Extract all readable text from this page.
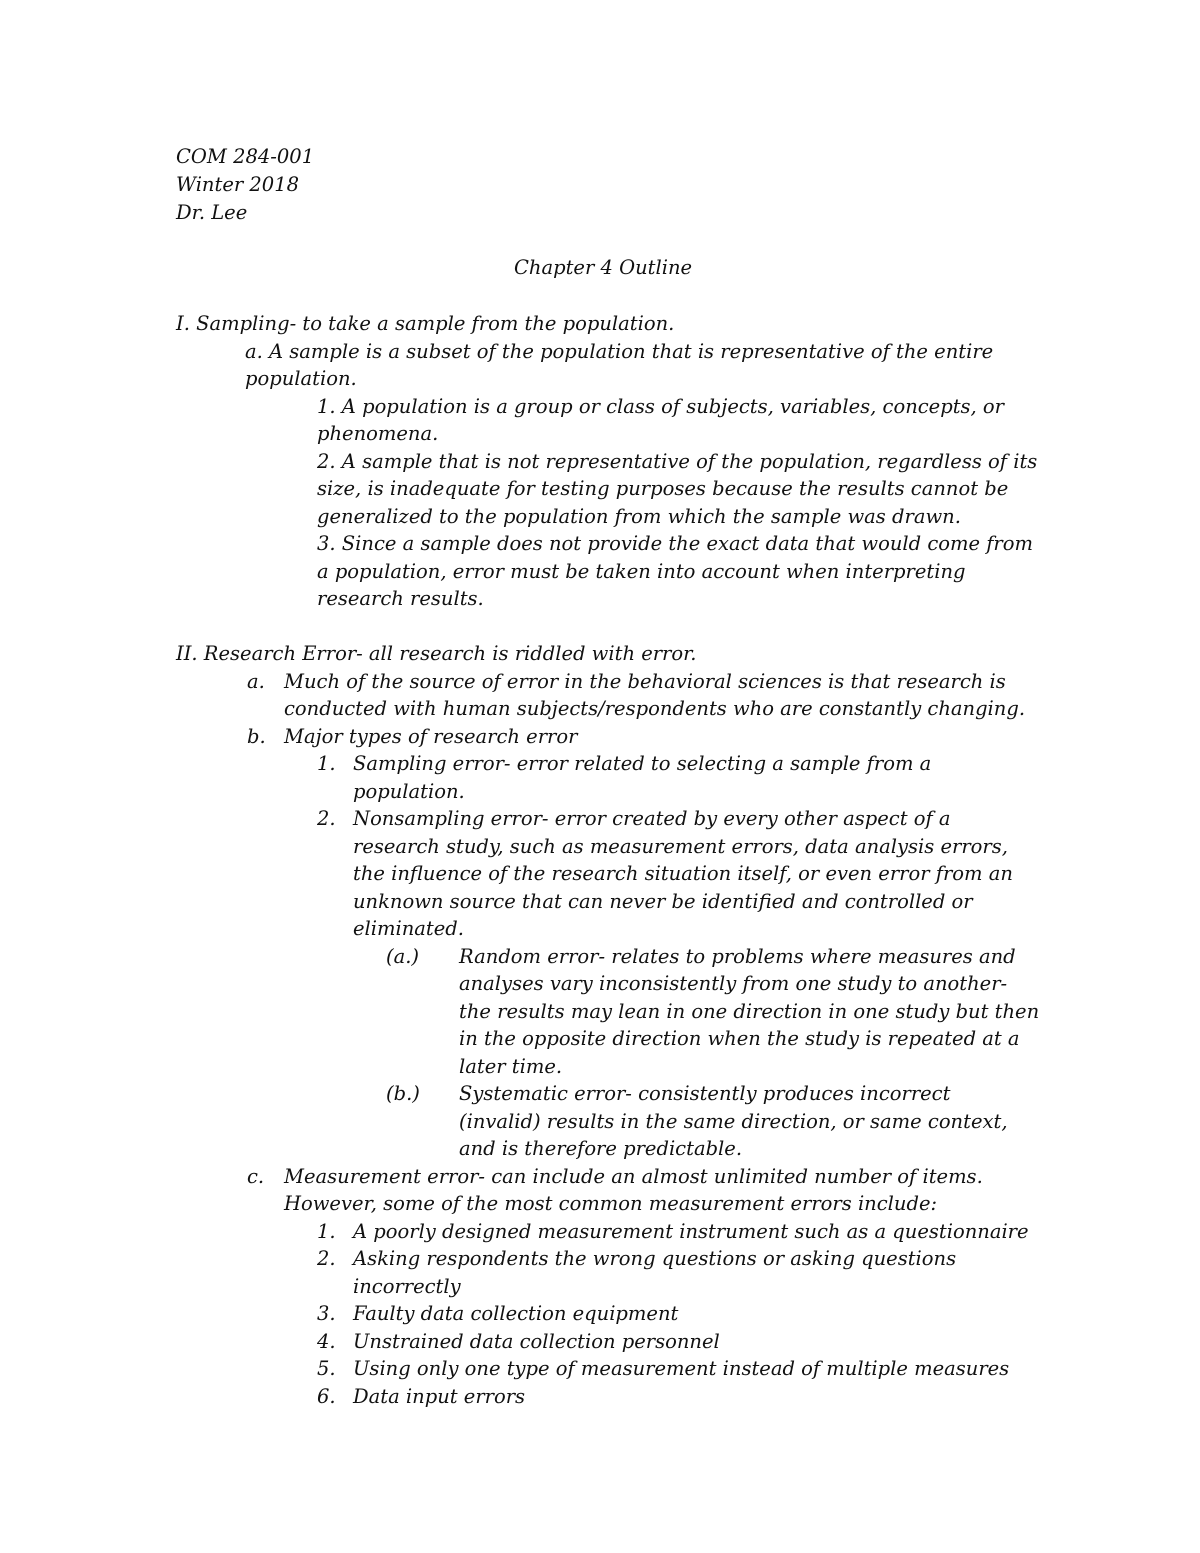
COM 284-001
Winter 2018
Dr. Lee
Chapter 4 Outline
I. Sampling- to take a sample from the population.
a. A sample is a subset of the population that is representative of the entire
population.
1. A population is a group or class of subjects, variables, concepts, or
phenomena.
2. A sample that is not representative of the population, regardless of its
size, is inadequate for testing purposes because the results cannot be
generalized to the population from which the sample was drawn.
3. Since a sample does not provide the exact data that would come from
a population, error must be taken into account when interpreting
research results.
II. Research Error- all research is riddled with error.
a. Much of the source of error in the behavioral sciences is that research is
conducted with human subjects/respondents who are constantly changing.
b. Major types of research error
1. Sampling error- error related to selecting a sample from a
population.
2. Nonsampling error- error created by every other aspect of a
research study, such as measurement errors, data analysis errors,
the influence of the research situation itself, or even error from an
unknown source that can never be identified and controlled or
eliminated.
(a.) Random error- relates to problems where measures and
analyses vary inconsistently from one study to another-
the results may lean in one direction in one study but then
in the opposite direction when the study is repeated at a
later time.
(b.) Systematic error- consistently produces incorrect
(invalid) results in the same direction, or same context,
and is therefore predictable.
c. Measurement error- can include an almost unlimited number of items.
However, some of the most common measurement errors include:
1. A poorly designed measurement instrument such as a questionnaire
2. Asking respondents the wrong questions or asking questions
incorrectly
3. Faulty data collection equipment
4. Unstrained data collection personnel
5. Using only one type of measurement instead of multiple measures
6. Data input errors
